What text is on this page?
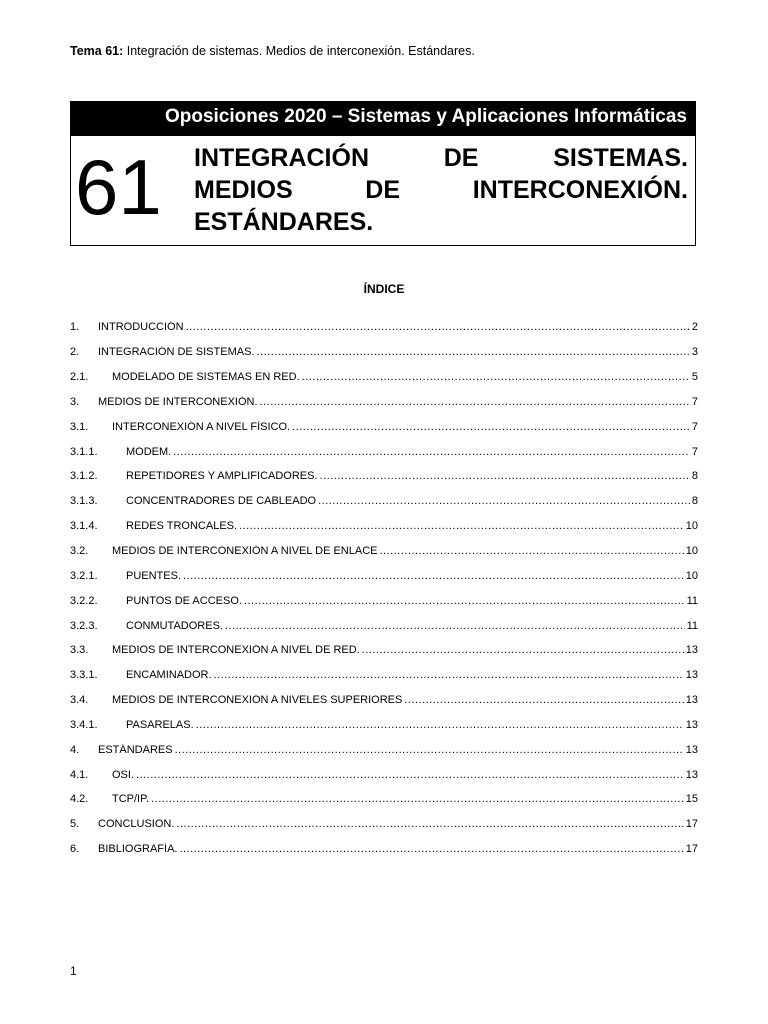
Tema 61: Integración de sistemas. Medios de interconexión. Estándares.
Oposiciones 2020 – Sistemas y Aplicaciones Informáticas
61 INTEGRACIÓN	DE	SISTEMAS.
MEDIOS	DE	INTERCONEXIÓN.
ESTÁNDARES.
ÍNDICE
1. INTRODUCCIÓN .....	2
2. INTEGRACIÓN DE SISTEMAS. .....	3
2.1. MODELADO DE SISTEMAS EN RED. .....	5
3. MEDIOS DE INTERCONEXIÓN. .....	7
3.1. INTERCONEXIÓN A NIVEL FÍSICO. .....	7
3.1.1.	MÓDEM. .....	7
3.1.2.	REPETIDORES Y AMPLIFICADORES. .....	8
3.1.3.	CONCENTRADORES DE CABLEADO .....	8
3.1.4.	REDES TRONCALES. .....	10
3.2. MEDIOS DE INTERCONEXIÓN A NIVEL DE ENLACE .....	10
3.2.1.	PUENTES. .....	10
3.2.2.	PUNTOS DE ACCESO. .....	11
3.2.3.	CONMUTADORES. .....	11
3.3. MEDIOS DE INTERCONEXIÓN A NIVEL DE RED. .....	13
3.3.1.	ENCAMINADOR. .....	13
3.4. MEDIOS DE INTERCONEXIÓN A NIVELES SUPERIORES .....	13
3.4.1.	PASARELAS. .....	13
4. ESTÁNDARES .....	13
4.1. OSI. .....	13
4.2. TCP/IP. .....	15
5. CONCLUSION. .....	17
6. BIBLIOGRAFÍA. .....	17
1
